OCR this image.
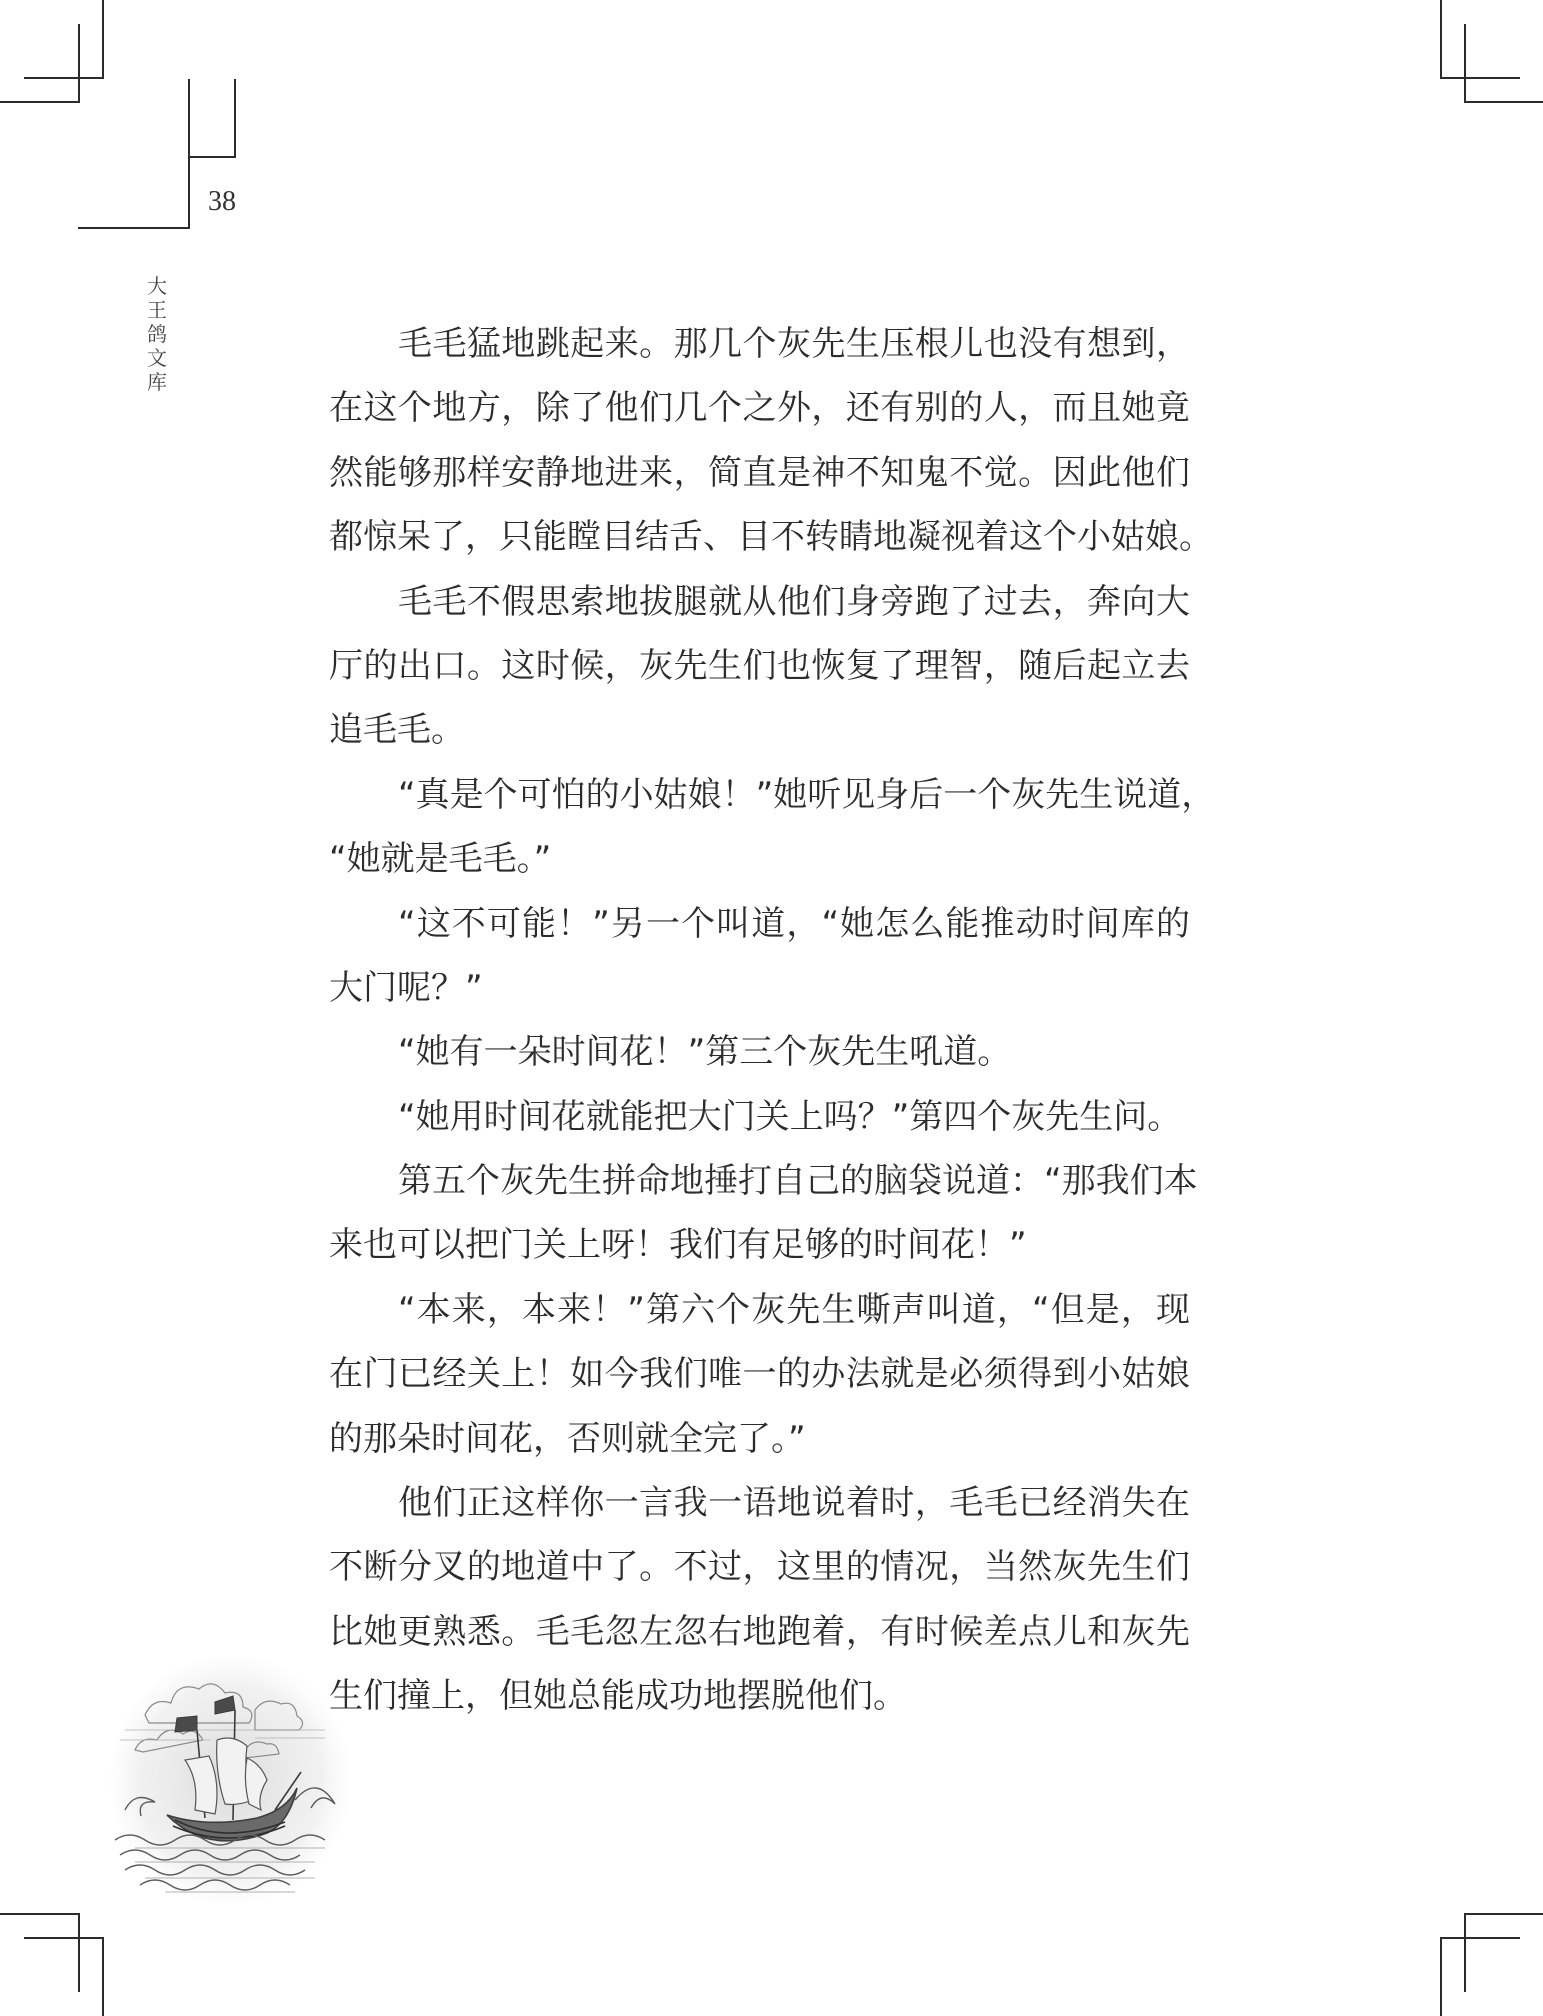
38
大
王
鸽
文
库
毛毛猛地跳起来。那几个灰先生压根儿也没有想到，
在这个地方，除了他们几个之外，还有别的人，而且她竟
然能够那样安静地进来，简直是神不知鬼不觉。因此他们
都惊呆了，只能瞠目结舌、目不转睛地凝视着这个小姑娘。
毛毛不假思索地拔腿就从他们身旁跑了过去，奔向大
厅的出口。这时候，灰先生们也恢复了理智，随后起立去
追毛毛。
“真是个可怕的小姑娘！”她听见身后一个灰先生说道，
“她就是毛毛。”
“这不可能！”另一个叫道，“她怎么能推动时间库的
大门呢？”
“她有一朵时间花！”第三个灰先生吼道。
“她用时间花就能把大门关上吗？”第四个灰先生问。
第五个灰先生拼命地捶打自己的脑袋说道：“那我们本
来也可以把门关上呀！我们有足够的时间花！”
“本来，本来！”第六个灰先生嘶声叫道，“但是，现
在门已经关上！如今我们唯一的办法就是必须得到小姑娘
的那朵时间花，否则就全完了。”
他们正这样你一言我一语地说着时，毛毛已经消失在
不断分叉的地道中了。不过，这里的情况，当然灰先生们
比她更熟悉。毛毛忽左忽右地跑着，有时候差点儿和灰先
生们撞上，但她总能成功地摆脱他们。
